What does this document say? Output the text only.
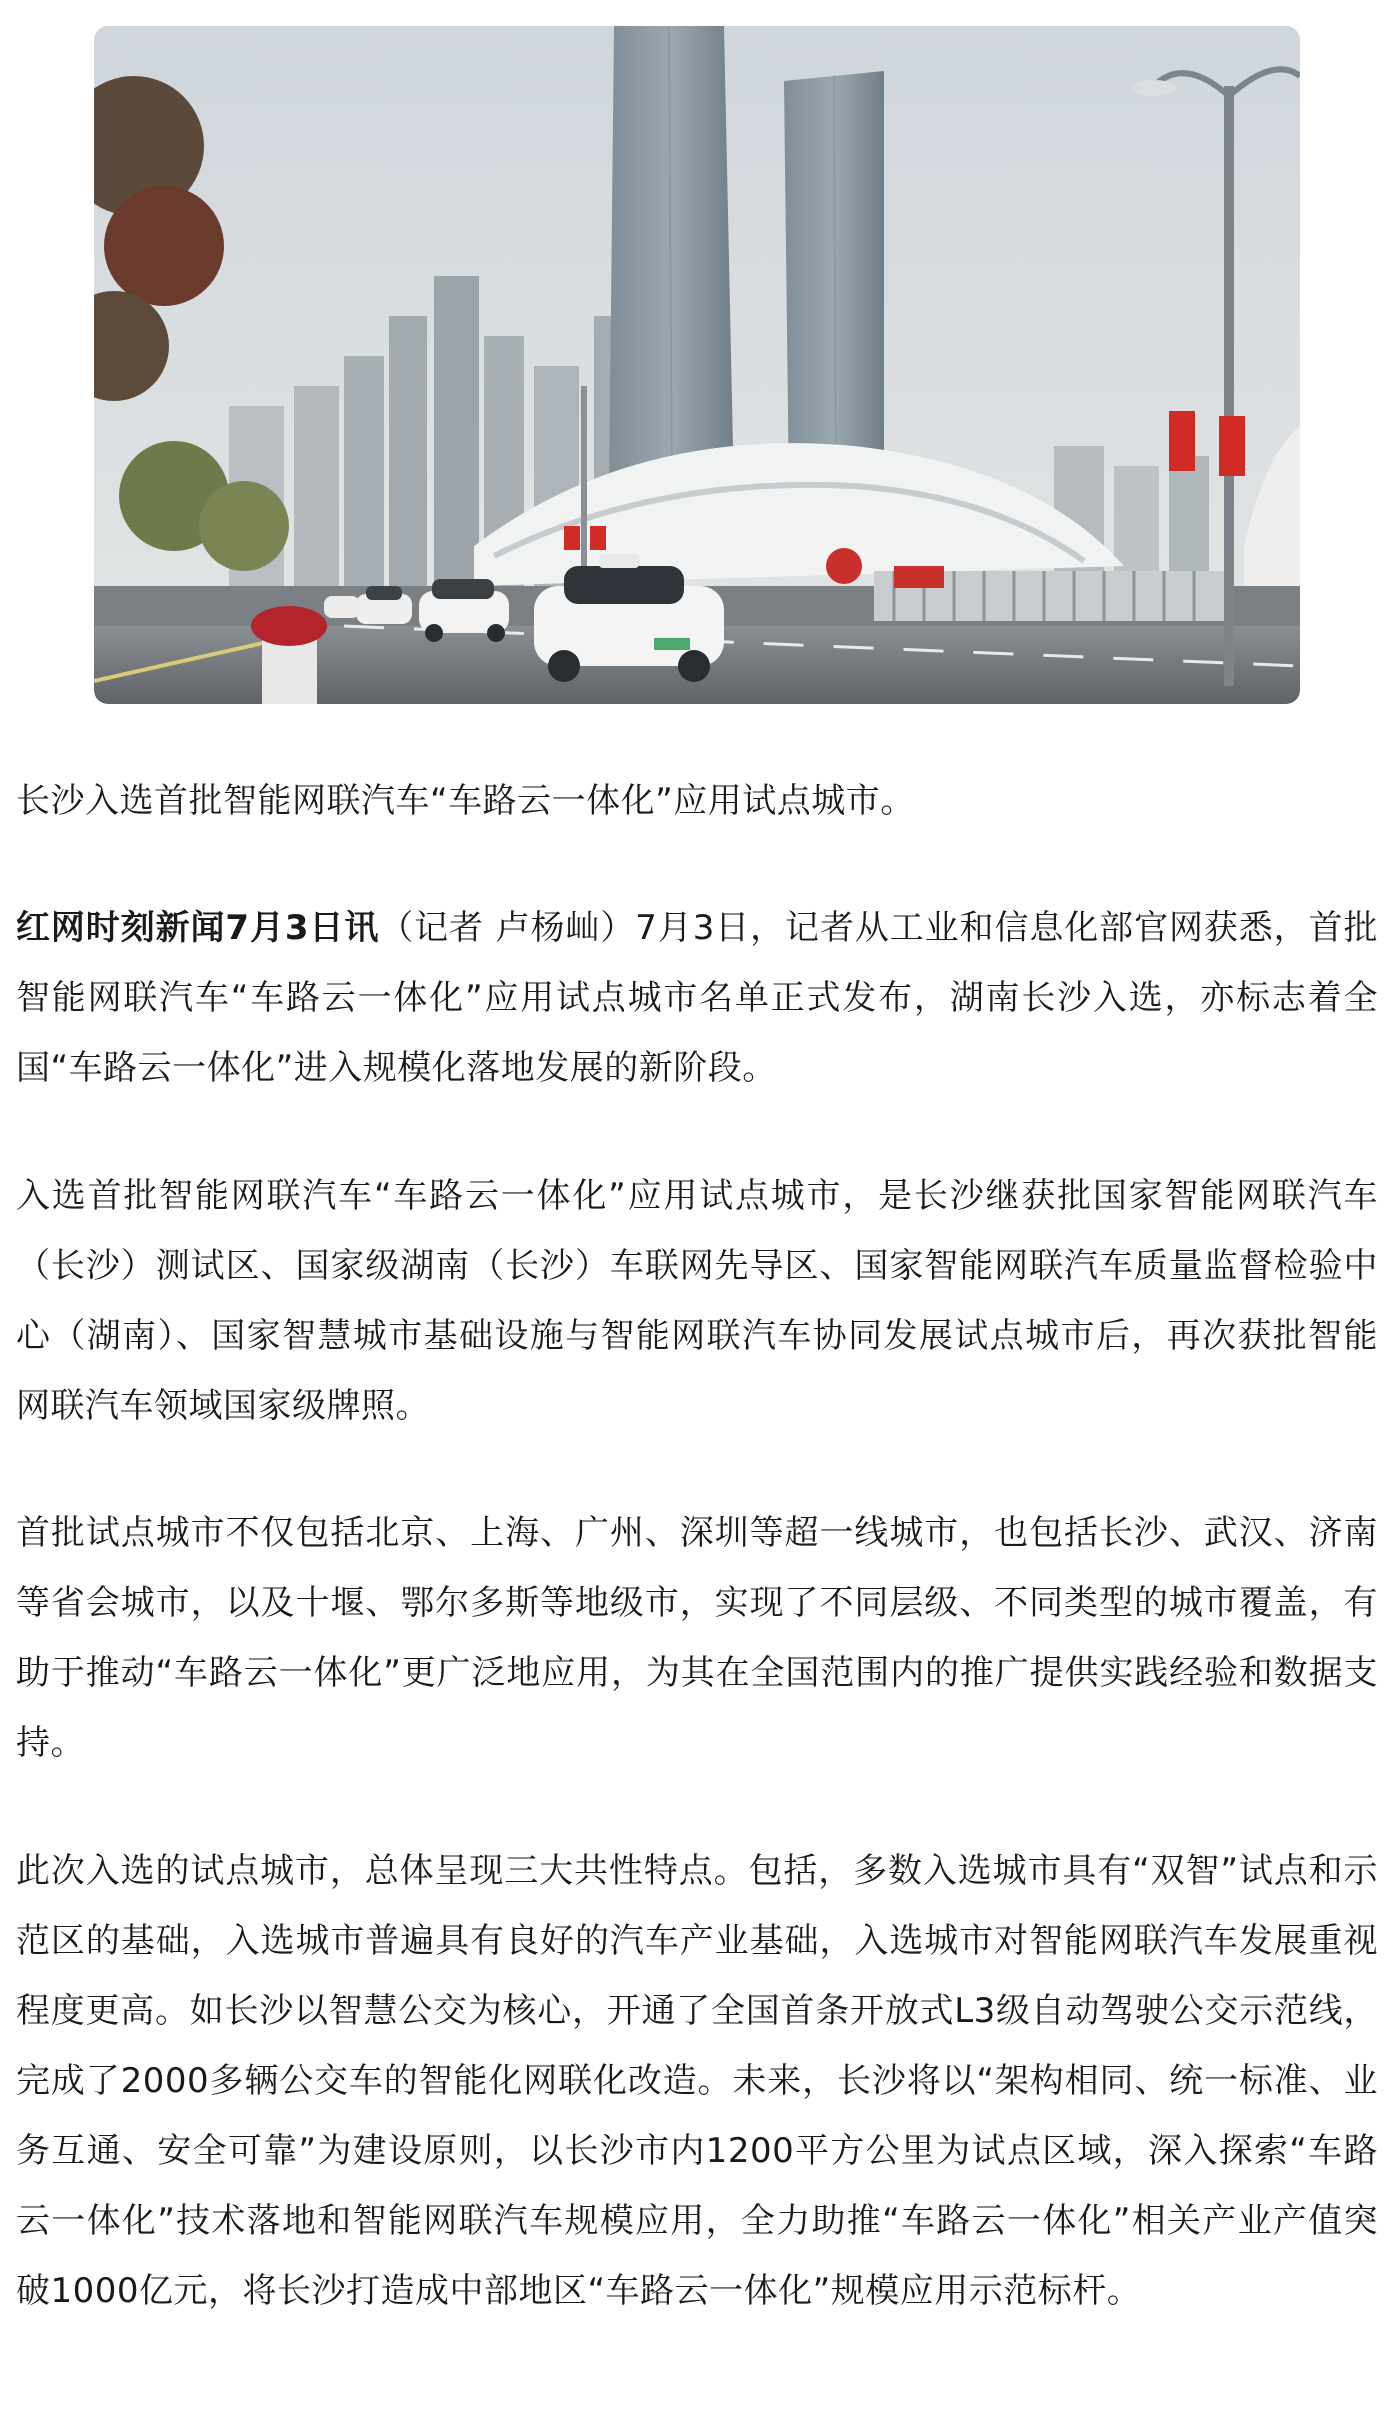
长沙入选首批智能网联汽车“车路云一体化”应用试点城市。

红网时刻新闻7月3日讯（记者 卢杨屾）7月3日，记者从工业和信息化部官网获悉，首批智能网联汽车“车路云一体化”应用试点城市名单正式发布，湖南长沙入选，亦标志着全国“车路云一体化”进入规模化落地发展的新阶段。

入选首批智能网联汽车“车路云一体化”应用试点城市，是长沙继获批国家智能网联汽车（长沙）测试区、国家级湖南（长沙）车联网先导区、国家智能网联汽车质量监督检验中心（湖南）、国家智慧城市基础设施与智能网联汽车协同发展试点城市后，再次获批智能网联汽车领域国家级牌照。

首批试点城市不仅包括北京、上海、广州、深圳等超一线城市，也包括长沙、武汉、济南等省会城市，以及十堰、鄂尔多斯等地级市，实现了不同层级、不同类型的城市覆盖，有助于推动“车路云一体化”更广泛地应用，为其在全国范围内的推广提供实践经验和数据支持。

此次入选的试点城市，总体呈现三大共性特点。包括，多数入选城市具有“双智”试点和示范区的基础，入选城市普遍具有良好的汽车产业基础，入选城市对智能网联汽车发展重视程度更高。如长沙以智慧公交为核心，开通了全国首条开放式L3级自动驾驶公交示范线，完成了2000多辆公交车的智能化网联化改造。未来，长沙将以“架构相同、统一标准、业务互通、安全可靠”为建设原则，以长沙市内1200平方公里为试点区域，深入探索“车路云一体化”技术落地和智能网联汽车规模应用，全力助推“车路云一体化”相关产业产值突破1000亿元，将长沙打造成中部地区“车路云一体化”规模应用示范标杆。
